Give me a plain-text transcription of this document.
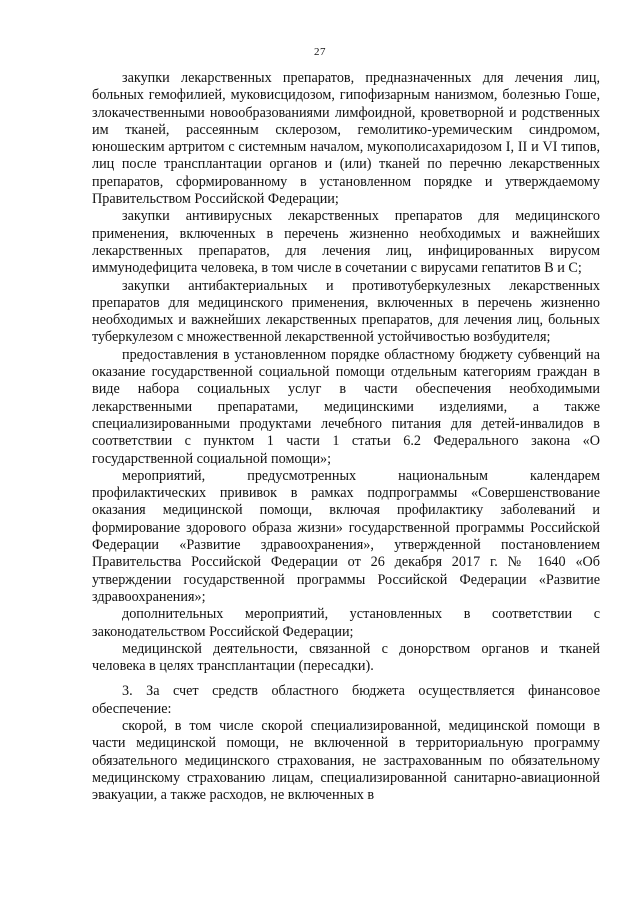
27

закупки лекарственных препаратов, предназначенных для лечения лиц, больных гемофилией, муковисцидозом, гипофизарным нанизмом, болезнью Гоше, злокачественными новообразованиями лимфоидной, кроветворной и родственных им тканей, рассеянным склерозом, гемолитико-уремическим синдромом, юношеским артритом с системным началом, мукополисахаридозом I, II и VI типов, лиц после трансплантации органов и (или) тканей по перечню лекарственных препаратов, сформированному в установленном порядке и утверждаемому Правительством Российской Федерации;

закупки антивирусных лекарственных препаратов для медицинского применения, включенных в перечень жизненно необходимых и важнейших лекарственных препаратов, для лечения лиц, инфицированных вирусом иммунодефицита человека, в том числе в сочетании с вирусами гепатитов B и C;

закупки антибактериальных и противотуберкулезных лекарственных препаратов для медицинского применения, включенных в перечень жизненно необходимых и важнейших лекарственных препаратов, для лечения лиц, больных туберкулезом с множественной лекарственной устойчивостью возбудителя;

предоставления в установленном порядке областному бюджету субвенций на оказание государственной социальной помощи отдельным категориям граждан в виде набора социальных услуг в части обеспечения необходимыми лекарственными препаратами, медицинскими изделиями, а также специализированными продуктами лечебного питания для детей-инвалидов в соответствии с пунктом 1 части 1 статьи 6.2 Федерального закона «О государственной социальной помощи»;

мероприятий, предусмотренных национальным календарем профилактических прививок в рамках подпрограммы «Совершенствование оказания медицинской помощи, включая профилактику заболеваний и формирование здорового образа жизни» государственной программы Российской Федерации «Развитие здравоохранения», утвержденной постановлением Правительства Российской Федерации от 26 декабря 2017 г. № 1640 «Об утверждении государственной программы Российской Федерации «Развитие здравоохранения»;

дополнительных мероприятий, установленных в соответствии с законодательством Российской Федерации;

медицинской деятельности, связанной с донорством органов и тканей человека в целях трансплантации (пересадки).

3. За счет средств областного бюджета осуществляется финансовое обеспечение:

скорой, в том числе скорой специализированной, медицинской помощи в части медицинской помощи, не включенной в территориальную программу обязательного медицинского страхования, не застрахованным по обязательному медицинскому страхованию лицам, специализированной санитарно-авиационной эвакуации, а также расходов, не включенных в
